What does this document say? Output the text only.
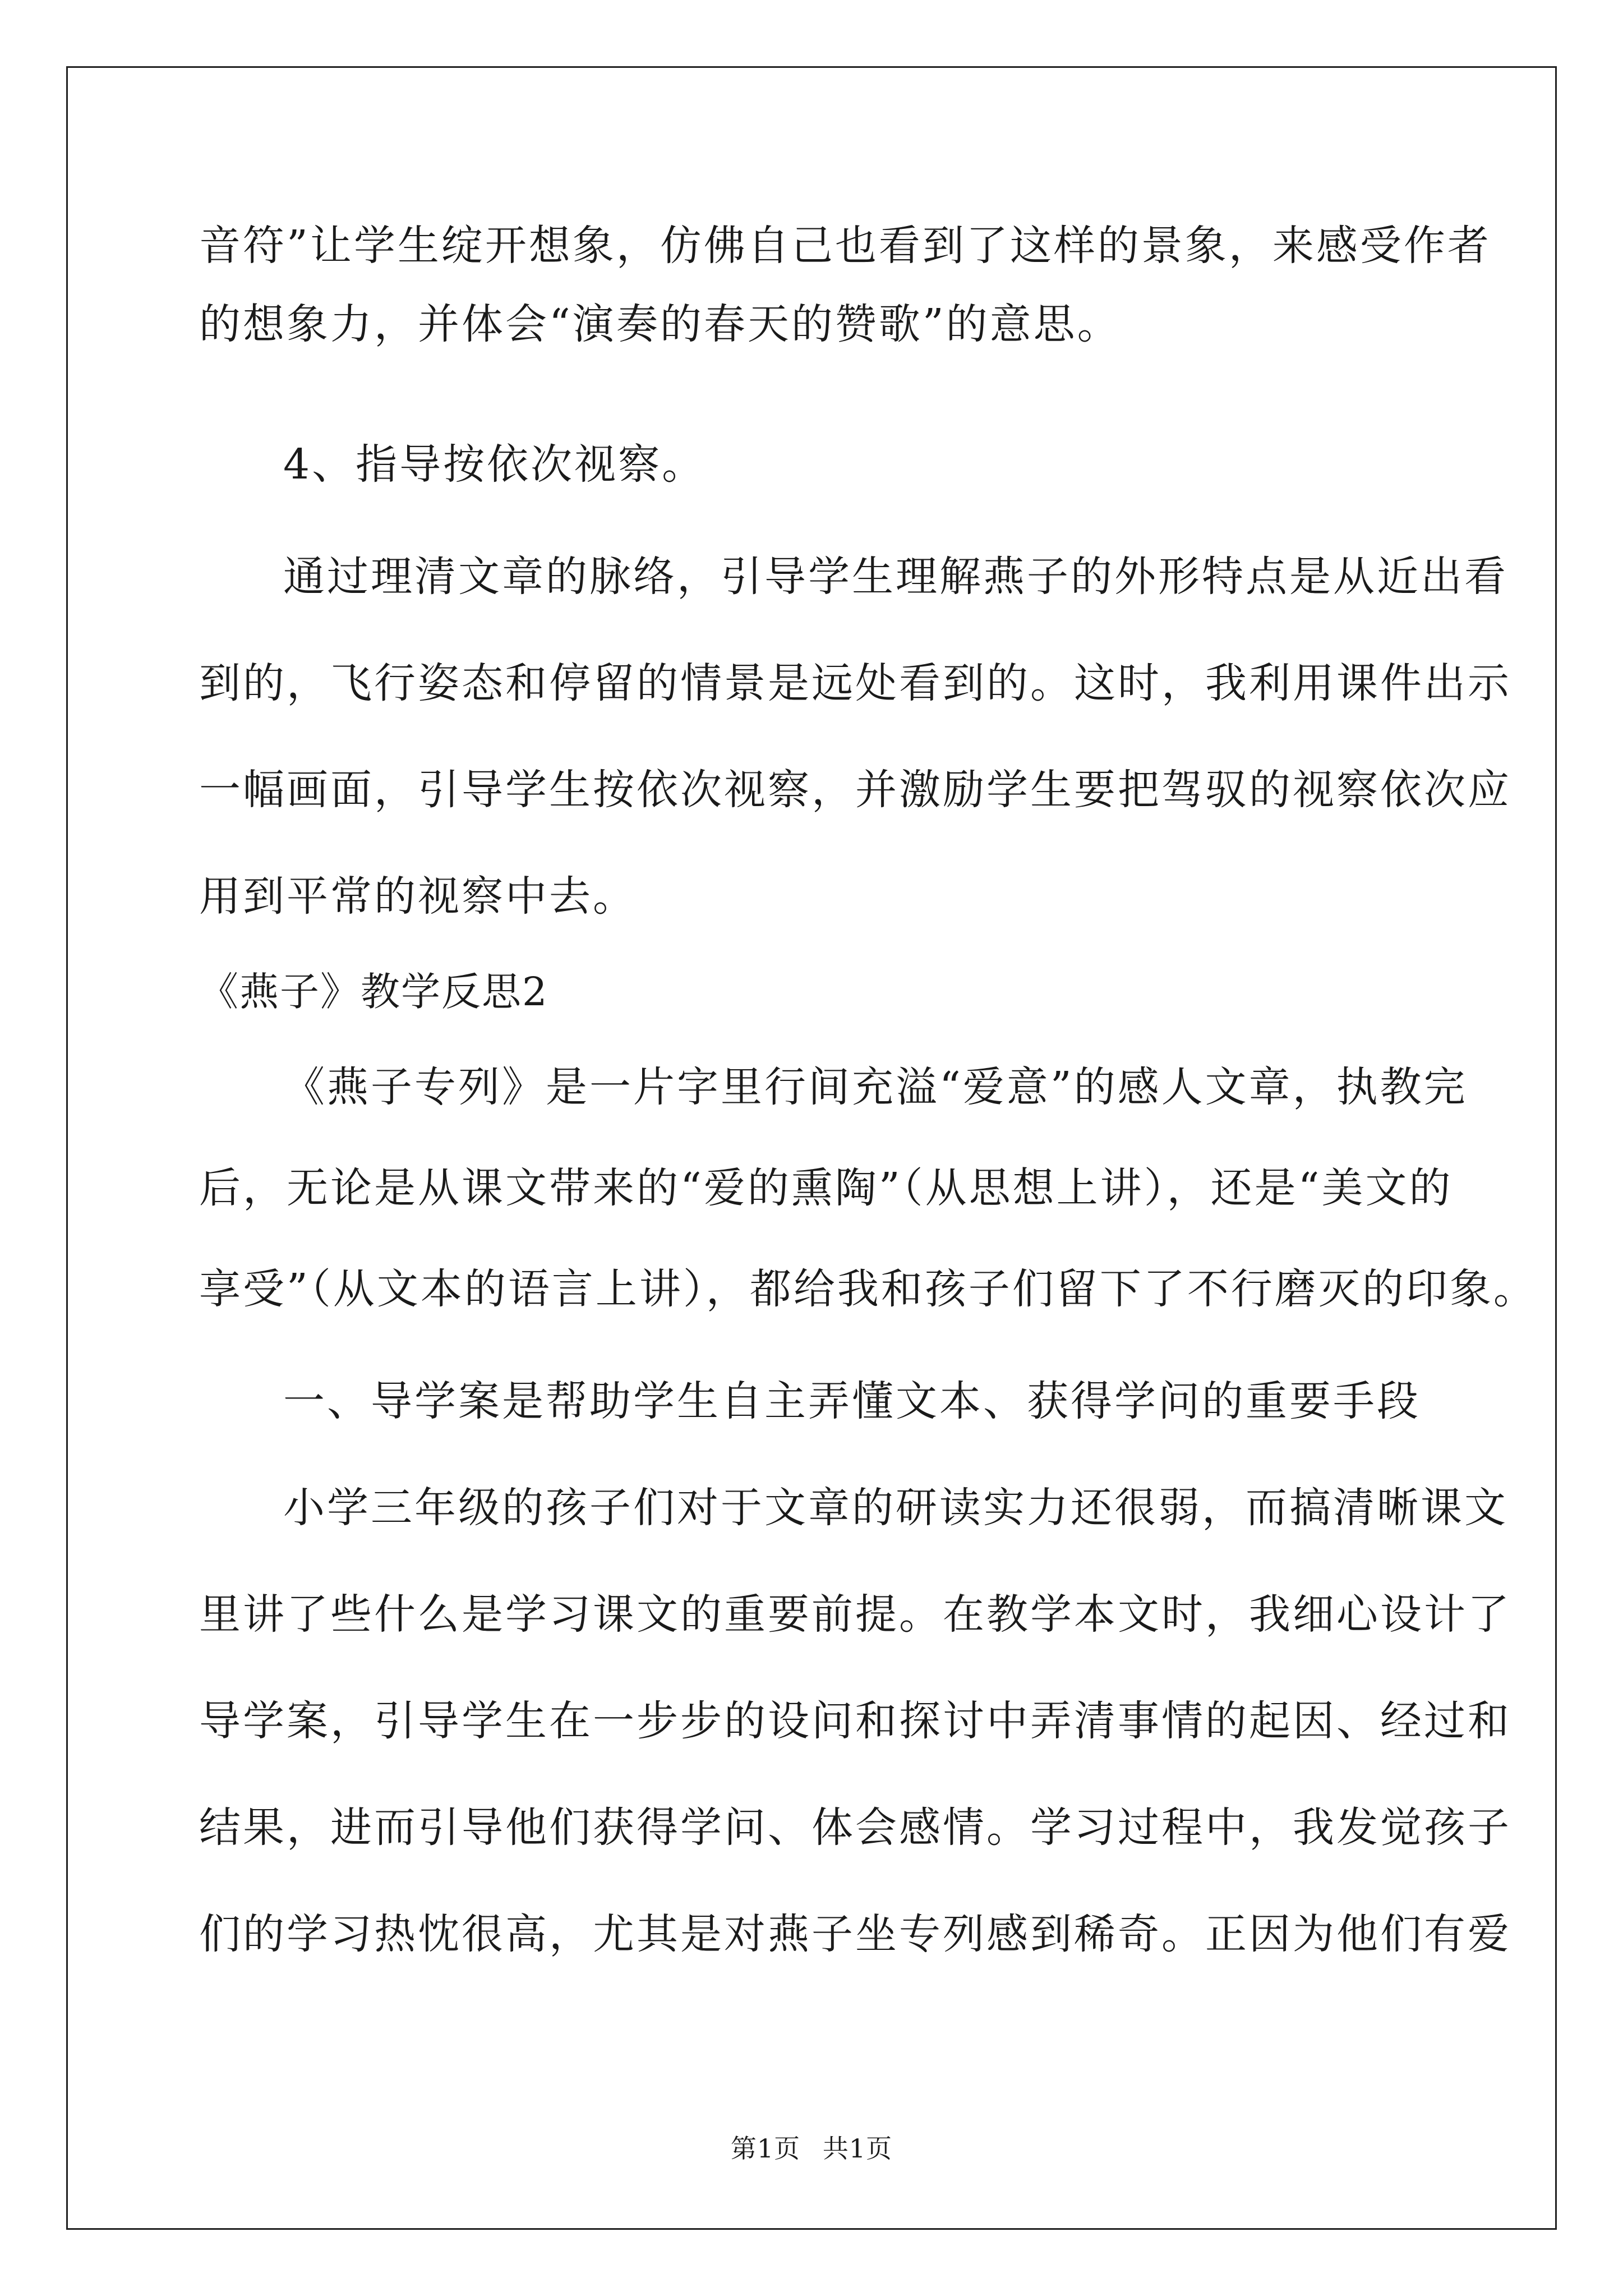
音符”让学生绽开想象，仿佛自己也看到了这样的景象，来感受作者
的想象力，并体会“演奏的春天的赞歌”的意思。
4、指导按依次视察。
通过理清文章的脉络，引导学生理解燕子的外形特点是从近出看
到的，飞行姿态和停留的情景是远处看到的。这时，我利用课件出示
一幅画面，引导学生按依次视察，并激励学生要把驾驭的视察依次应
用到平常的视察中去。
《燕子》教学反思2
《燕子专列》是一片字里行间充溢“爱意”的感人文章，执教完
后，无论是从课文带来的“爱的熏陶”（从思想上讲），还是“美文的
享受”（从文本的语言上讲），都给我和孩子们留下了不行磨灭的印象。
一、导学案是帮助学生自主弄懂文本、获得学问的重要手段
小学三年级的孩子们对于文章的研读实力还很弱，而搞清晰课文
里讲了些什么是学习课文的重要前提。在教学本文时，我细心设计了
导学案，引导学生在一步步的设问和探讨中弄清事情的起因、经过和
结果，进而引导他们获得学问、体会感情。学习过程中，我发觉孩子
们的学习热忱很高，尤其是对燕子坐专列感到稀奇。正因为他们有爱
第1页 共1页
